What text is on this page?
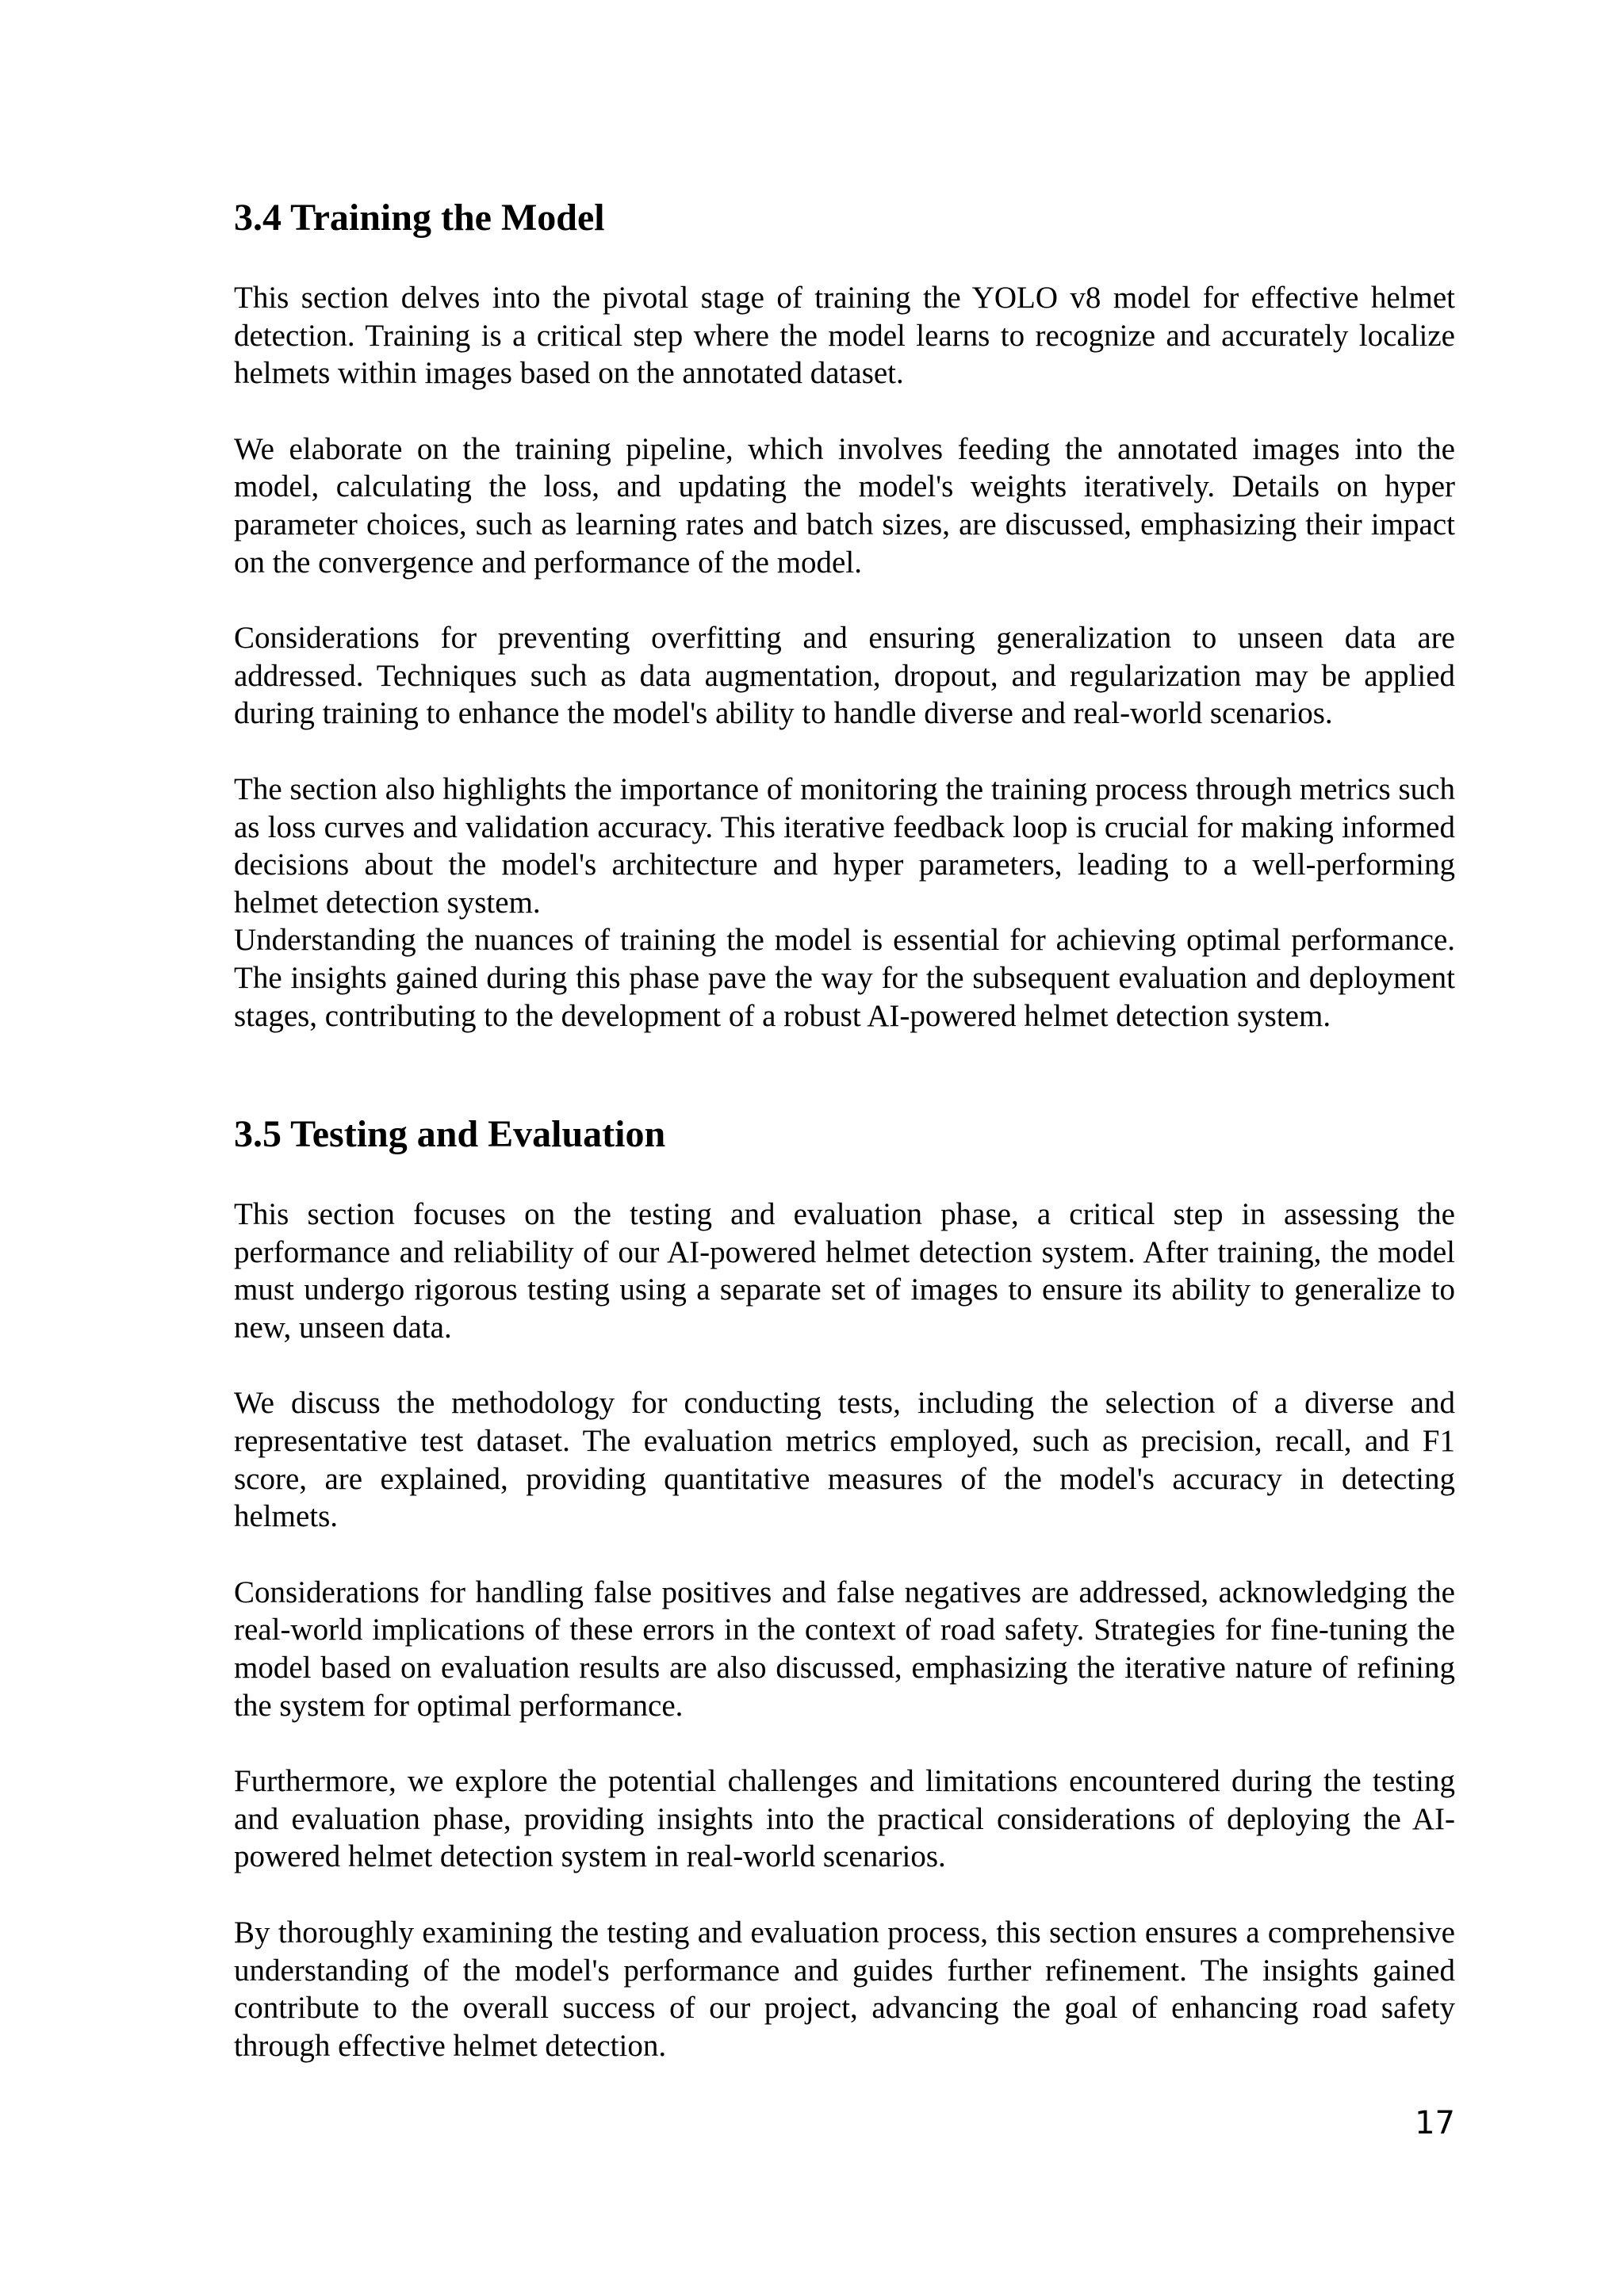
3.4 Training the Model

This section delves into the pivotal stage of training the YOLO v8 model for effective helmet detection. Training is a critical step where the model learns to recognize and accurately localize helmets within images based on the annotated dataset.

We elaborate on the training pipeline, which involves feeding the annotated images into the model, calculating the loss, and updating the model's weights iteratively. Details on hyper parameter choices, such as learning rates and batch sizes, are discussed, emphasizing their impact on the convergence and performance of the model.

Considerations for preventing overfitting and ensuring generalization to unseen data are addressed. Techniques such as data augmentation, dropout, and regularization may be applied during training to enhance the model's ability to handle diverse and real-world scenarios.

The section also highlights the importance of monitoring the training process through metrics such as loss curves and validation accuracy. This iterative feedback loop is crucial for making informed decisions about the model's architecture and hyper parameters, leading to a well-performing helmet detection system.

Understanding the nuances of training the model is essential for achieving optimal performance. The insights gained during this phase pave the way for the subsequent evaluation and deployment stages, contributing to the development of a robust AI-powered helmet detection system.

3.5 Testing and Evaluation

This section focuses on the testing and evaluation phase, a critical step in assessing the performance and reliability of our AI-powered helmet detection system. After training, the model must undergo rigorous testing using a separate set of images to ensure its ability to generalize to new, unseen data.

We discuss the methodology for conducting tests, including the selection of a diverse and representative test dataset. The evaluation metrics employed, such as precision, recall, and F1 score, are explained, providing quantitative measures of the model's accuracy in detecting helmets.

Considerations for handling false positives and false negatives are addressed, acknowledging the real-world implications of these errors in the context of road safety. Strategies for fine-tuning the model based on evaluation results are also discussed, emphasizing the iterative nature of refining the system for optimal performance.

Furthermore, we explore the potential challenges and limitations encountered during the testing and evaluation phase, providing insights into the practical considerations of deploying the AI-powered helmet detection system in real-world scenarios.

By thoroughly examining the testing and evaluation process, this section ensures a comprehensive understanding of the model's performance and guides further refinement. The insights gained contribute to the overall success of our project, advancing the goal of enhancing road safety through effective helmet detection.

17
